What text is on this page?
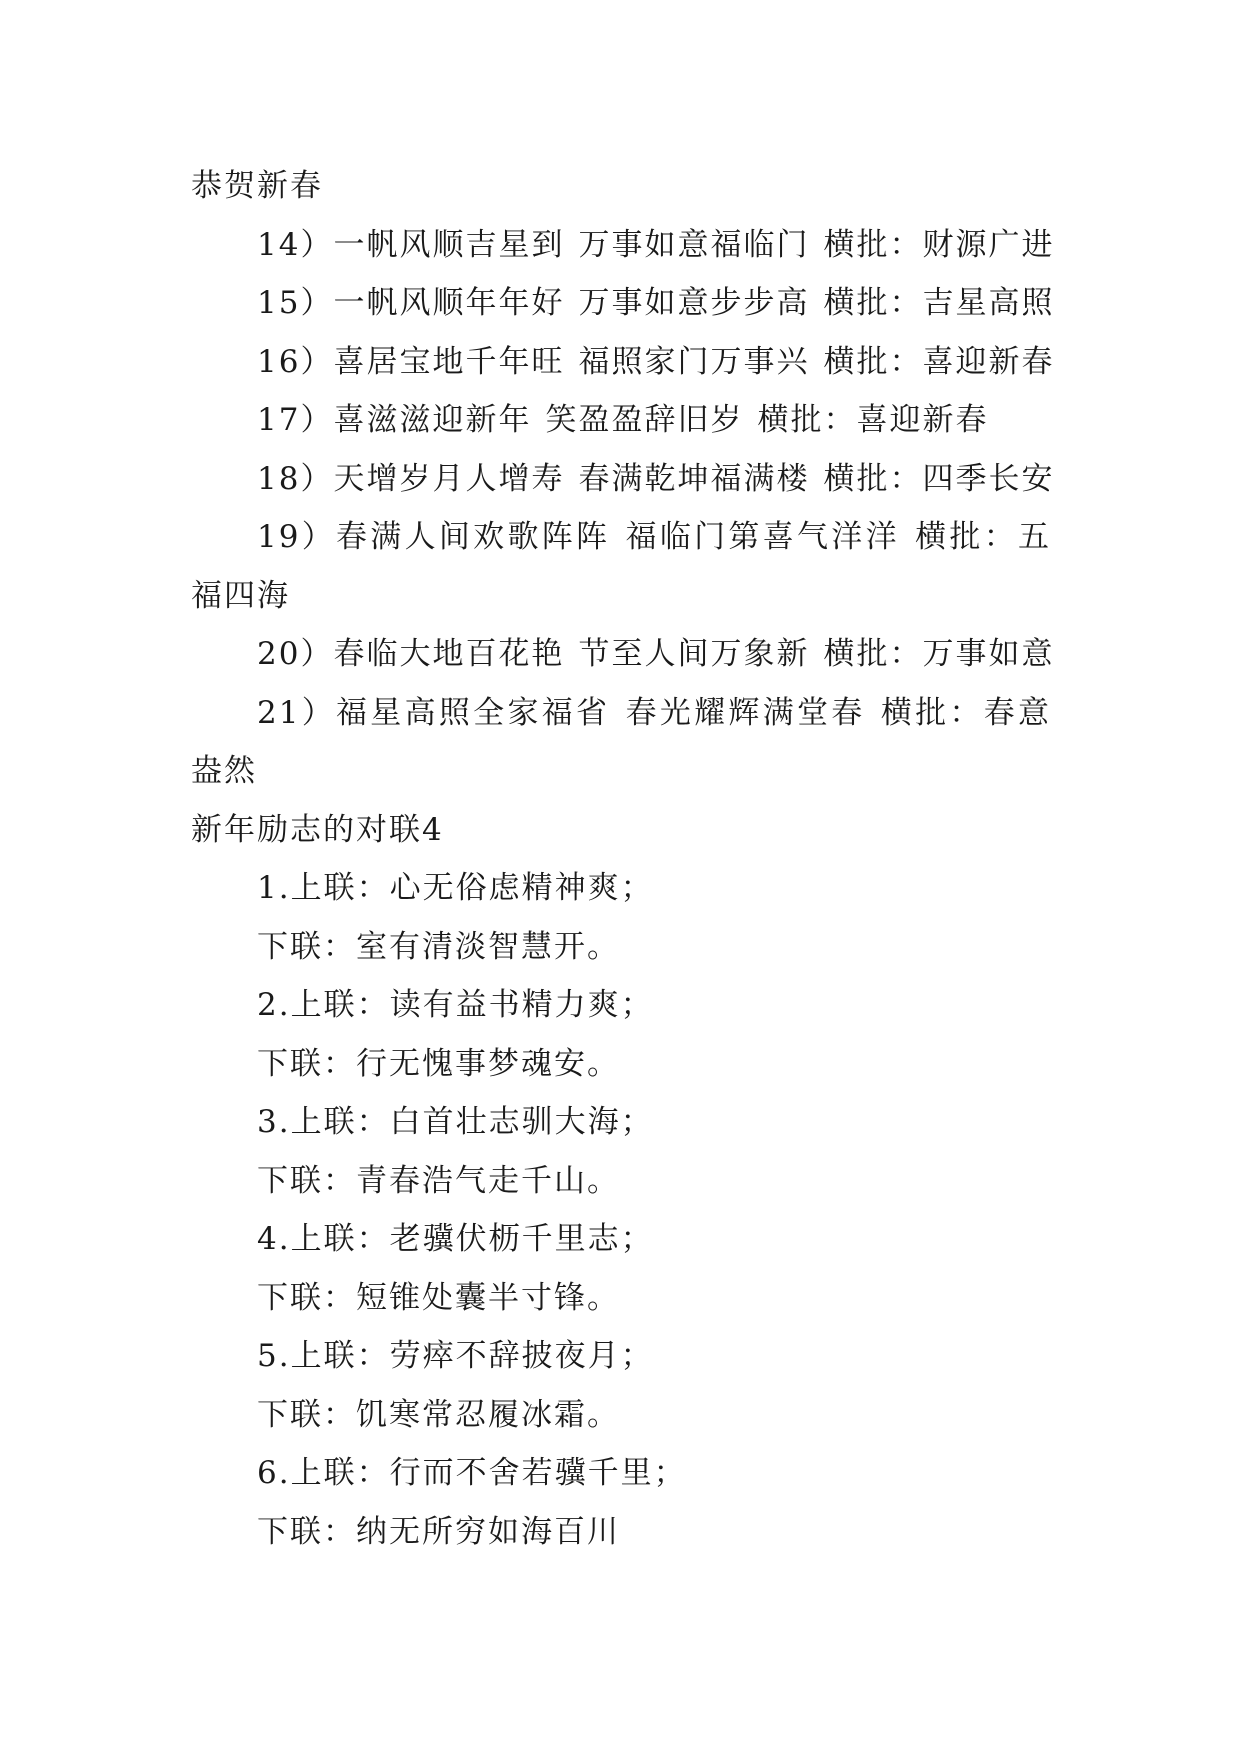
恭贺新春
14）一帆风顺吉星到 万事如意福临门 横批：财源广进
15）一帆风顺年年好 万事如意步步高 横批：吉星高照
16）喜居宝地千年旺 福照家门万事兴 横批：喜迎新春
17）喜滋滋迎新年 笑盈盈辞旧岁 横批：喜迎新春
18）天增岁月人增寿 春满乾坤福满楼 横批：四季长安
19）春满人间欢歌阵阵 福临门第喜气洋洋 横批：五福四海
20）春临大地百花艳 节至人间万象新 横批：万事如意
21）福星高照全家福省 春光耀辉满堂春 横批：春意盎然
新年励志的对联4
1.上联：心无俗虑精神爽；
下联：室有清淡智慧开。
2.上联：读有益书精力爽；
下联：行无愧事梦魂安。
3.上联：白首壮志驯大海；
下联：青春浩气走千山。
4.上联：老骥伏枥千里志；
下联：短锥处囊半寸锋。
5.上联：劳瘁不辞披夜月；
下联：饥寒常忍履冰霜。
6.上联：行而不舍若骥千里；
下联：纳无所穷如海百川
